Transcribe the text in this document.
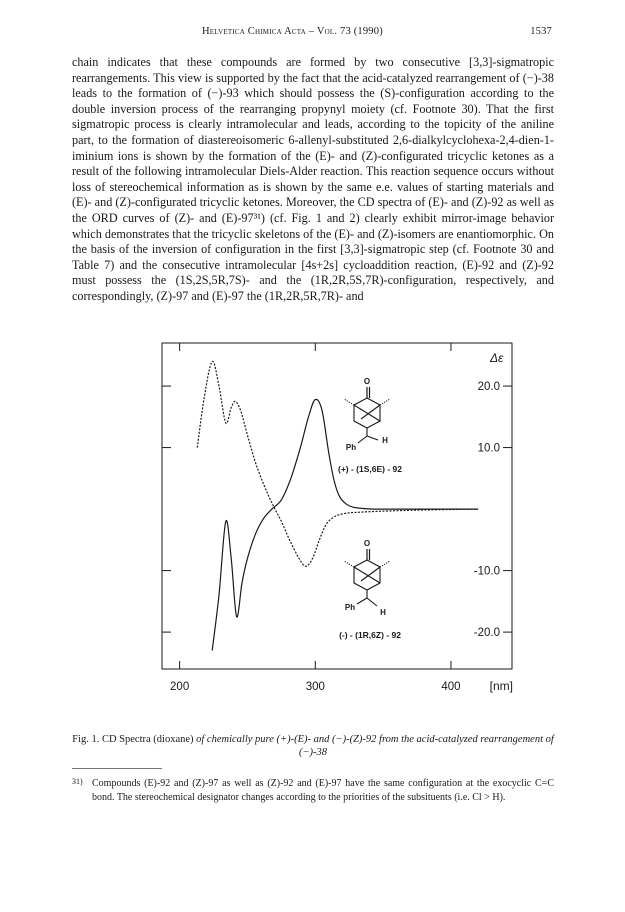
Helvetica Chimica Acta – Vol. 73 (1990)	1537

chain indicates that these compounds are formed by two consecutive [3,3]-sigmatropic rearrangements. This view is supported by the fact that the acid-catalyzed rearrangement of (−)-38 leads to the formation of (−)-93 which should possess the (S)-configuration according to the double inversion process of the rearranging propynyl moiety (cf. Footnote 30). That the first sigmatropic process is clearly intramolecular and leads, according to the topicity of the aniline part, to the formation of diastereoisomeric 6-allenyl-substituted 2,6-dialkylcyclohexa-2,4-dien-1-iminium ions is shown by the formation of the (E)- and (Z)-configurated tricyclic ketones as a result of the following intramolecular Diels-Alder reaction. This reaction sequence occurs without loss of stereochemical information as is shown by the same e.e. values of starting materials and (E)- and (Z)-configurated tricyclic ketones. Moreover, the CD spectra of (E)- and (Z)-92 as well as the ORD curves of (Z)- and (E)-97³¹) (cf. Fig. 1 and 2) clearly exhibit mirror-image behavior which demonstrates that the tricyclic skeletons of the (E)- and (Z)-isomers are enantiomorphic. On the basis of the inversion of configuration in the first [3,3]-sigmatropic step (cf. Footnote 30 and Table 7) and the consecutive intramolecular [4s+2s] cycloaddition reaction, (E)-92 and (Z)-92 must possess the (1S,2S,5R,7S)- and the (1R,2R,5S,7R)-configuration, respectively, and correspondingly, (Z)-97 and (E)-97 the (1R,2R,5R,7R)- and

200	300	400
20.0
10.0
-10.0
-20.0
Δε
[nm]
O
Ph
H
(+) - (1S,6E) - 92
O
Ph
H
(-) - (1R,6Z) - 92
Fig. 1. CD Spectra (dioxane) of chemically pure (+)-(E)- and (−)-(Z)-92 from the acid-catalyzed rearrangement of (−)-38
31) Compounds (E)-92 and (Z)-97 as well as (Z)-92 and (E)-97 have the same configuration at the exocyclic C=C bond. The stereochemical designator changes according to the priorities of the subsituents (i.e. Cl > H).
